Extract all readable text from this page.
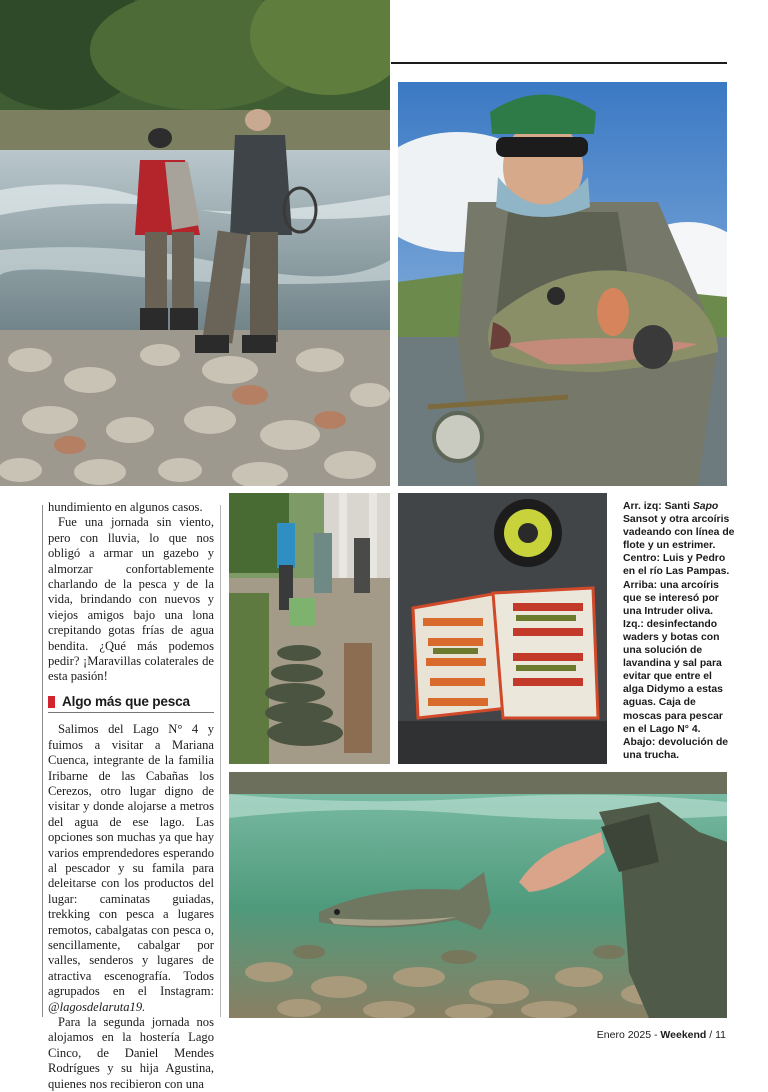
hundimiento en algunos casos.

Fue una jornada sin viento, pero con lluvia, lo que nos obligó a armar un gazebo y almorzar confortablemente charlando de la pesca y de la vida, brindando con nuevos y viejos amigos bajo una lona crepitando gotas frías de agua bendita. ¿Qué más podemos pedir? ¡Maravillas colaterales de esta pasión!

Algo más que pesca

Salimos del Lago N° 4 y fuimos a visitar a Mariana Cuenca, integrante de la familia Iribarne de las Cabañas los Cerezos, otro lugar digno de visitar y donde alojarse a metros del agua de ese lago. Las opciones son muchas ya que hay varios emprendedores esperando al pescador y su famila para deleitarse con los productos del lugar: caminatas guiadas, trekking con pesca a lugares remotos, cabalgatas con pesca o, sencillamente, cabalgar por valles, senderos y lugares de atractiva escenografía. Todos agrupados en el Instagram: @lagosdelaruta19.

Para la segunda jornada nos alojamos en la hostería Lago Cinco, de Daniel Mendes Rodrígues y su hija Agustina, quienes nos recibieron con una

Arr. izq: Santi Sapo Sansot y otra arcoíris vadeando con línea de flote y un estrimer. Centro: Luis y Pedro en el río Las Pampas. Arriba: una arcoíris que se interesó por una Intruder oliva. Izq.: desinfectando waders y botas con una solución de lavandina y sal para evitar que entre el alga Didymo a estas aguas. Caja de moscas para pescar en el Lago N° 4. Abajo: devolución de una trucha.
Enero 2025 - Weekend / 11
